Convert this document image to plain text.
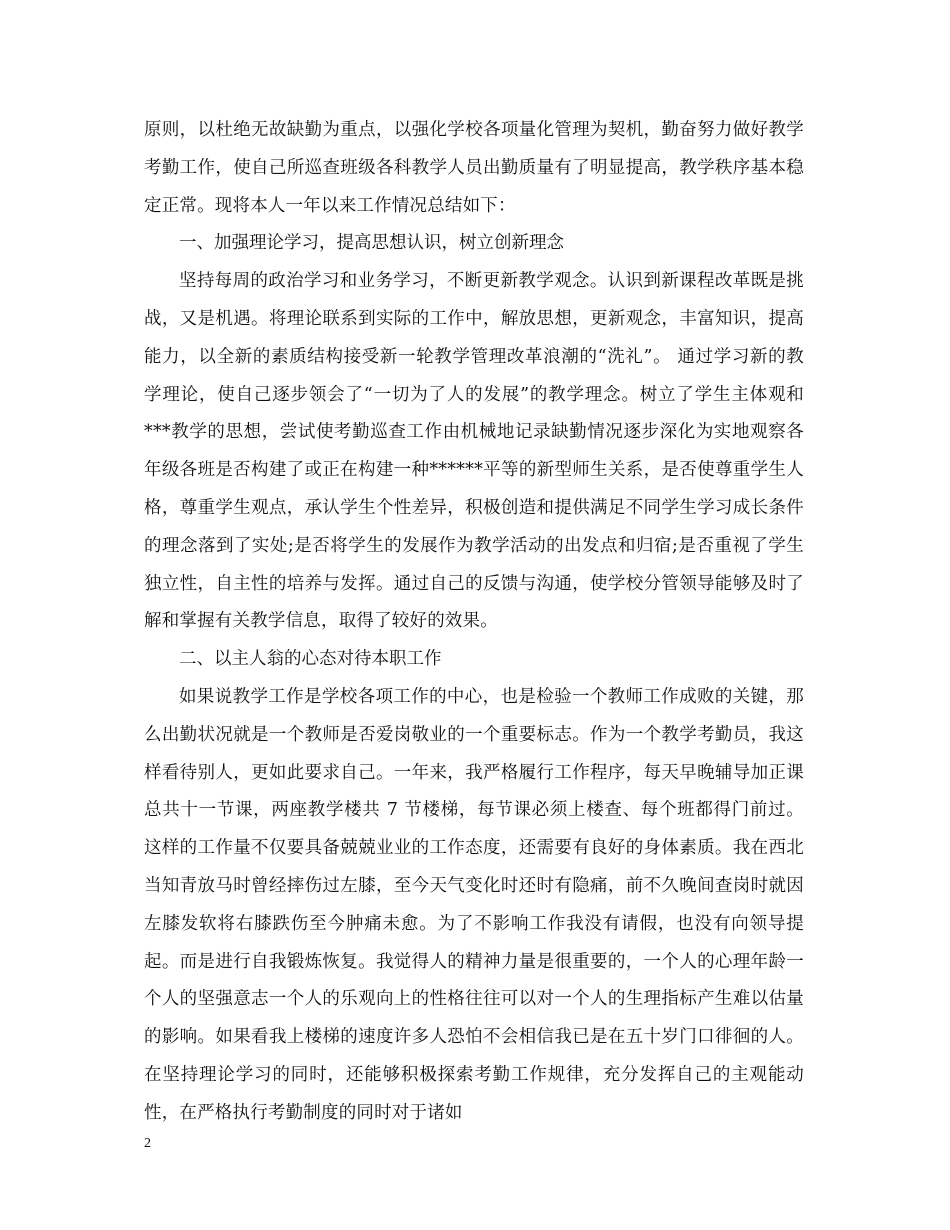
原则，以杜绝无故缺勤为重点，以强化学校各项量化管理为契机，勤奋努力做好教学考勤工作，使自己所巡查班级各科教学人员出勤质量有了明显提高，教学秩序基本稳定正常。现将本人一年以来工作情况总结如下：

一、加强理论学习，提高思想认识，树立创新理念

坚持每周的政治学习和业务学习，不断更新教学观念。认识到新课程改革既是挑战，又是机遇。将理论联系到实际的工作中，解放思想，更新观念，丰富知识，提高能力，以全新的素质结构接受新一轮教学管理改革浪潮的“洗礼”。 通过学习新的教学理论，使自己逐步领会了“一切为了人的发展”的教学理念。树立了学生主体观和***教学的思想，尝试使考勤巡查工作由机械地记录缺勤情况逐步深化为实地观察各年级各班是否构建了或正在构建一种******平等的新型师生关系，是否使尊重学生人格，尊重学生观点，承认学生个性差异，积极创造和提供满足不同学生学习成长条件的理念落到了实处;是否将学生的发展作为教学活动的出发点和归宿;是否重视了学生独立性，自主性的培养与发挥。通过自己的反馈与沟通，使学校分管领导能够及时了解和掌握有关教学信息，取得了较好的效果。

二、以主人翁的心态对待本职工作

如果说教学工作是学校各项工作的中心，也是检验一个教师工作成败的关键，那么出勤状况就是一个教师是否爱岗敬业的一个重要标志。作为一个教学考勤员，我这样看待别人，更如此要求自己。一年来，我严格履行工作程序，每天早晚辅导加正课总共十一节课，两座教学楼共 7 节楼梯，每节课必须上楼查、每个班都得门前过。这样的工作量不仅要具备兢兢业业的工作态度，还需要有良好的身体素质。我在西北当知青放马时曾经摔伤过左膝，至今天气变化时还时有隐痛，前不久晚间查岗时就因左膝发软将右膝跌伤至今肿痛未愈。为了不影响工作我没有请假，也没有向领导提起。而是进行自我锻炼恢复。我觉得人的精神力量是很重要的，一个人的心理年龄一个人的坚强意志一个人的乐观向上的性格往往可以对一个人的生理指标产生难以估量的影响。如果看我上楼梯的速度许多人恐怕不会相信我已是在五十岁门口徘徊的人。在坚持理论学习的同时，还能够积极探索考勤工作规律，充分发挥自己的主观能动性，在严格执行考勤制度的同时对于诸如

2
